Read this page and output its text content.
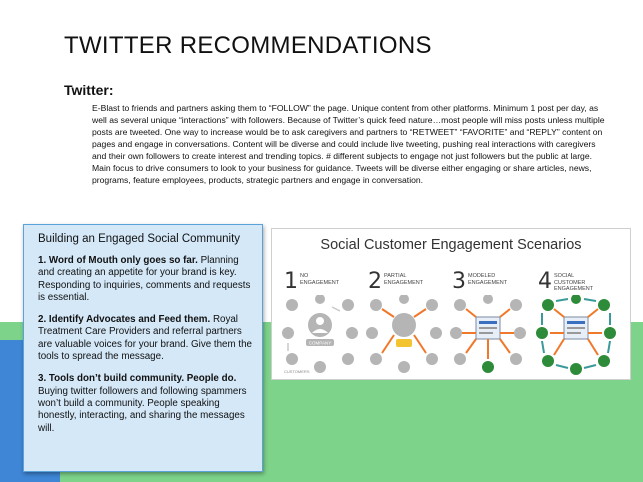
TWITTER RECOMMENDATIONS
Twitter:

E-Blast to friends and partners asking them to “FOLLOW” the page. Unique content from other platforms. Minimum 1 post per day, as well as several unique “interactions” with followers. Because of Twitter’s quick feed nature…most people will miss posts unless multiple posts are tweeted. One way to increase would be to ask caregivers and partners to “RETWEET” “FAVORITE” and “REPLY” content on pages and engage in conversations. Content will be diverse and could include live tweeting, pushing real interactions with caregivers and their own followers to create interest and trending topics. # different subjects to engage not just followers but the public at large. Main focus to drive consumers to look to your business for guidance. Tweets will be diverse either engaging or share articles, news, programs, feature employees, products, strategic partners and engage in conversation.

Building an Engaged Social Community

1. Word of Mouth only goes so far. Planning and creating an appetite for your brand is key. Responding to inquiries, comments and requests is essential.

2. Identify Advocates and Feed them. Royal Treatment Care Providers and referral partners are valuable voices for your brand. Give them the tools to spread the message.

3. Tools don’t build community. People do. Buying twitter followers and following spammers won’t build a community. People speaking honestly, interacting, and sharing the messages will.

Social Customer Engagement Scenarios
1 NO ENGAGEMENT	2 PARTIAL ENGAGEMENT	3 MODELED ENGAGEMENT	4 SOCIAL CUSTOMER ENGAGEMENT
COMPANY
CUSTOMERS
